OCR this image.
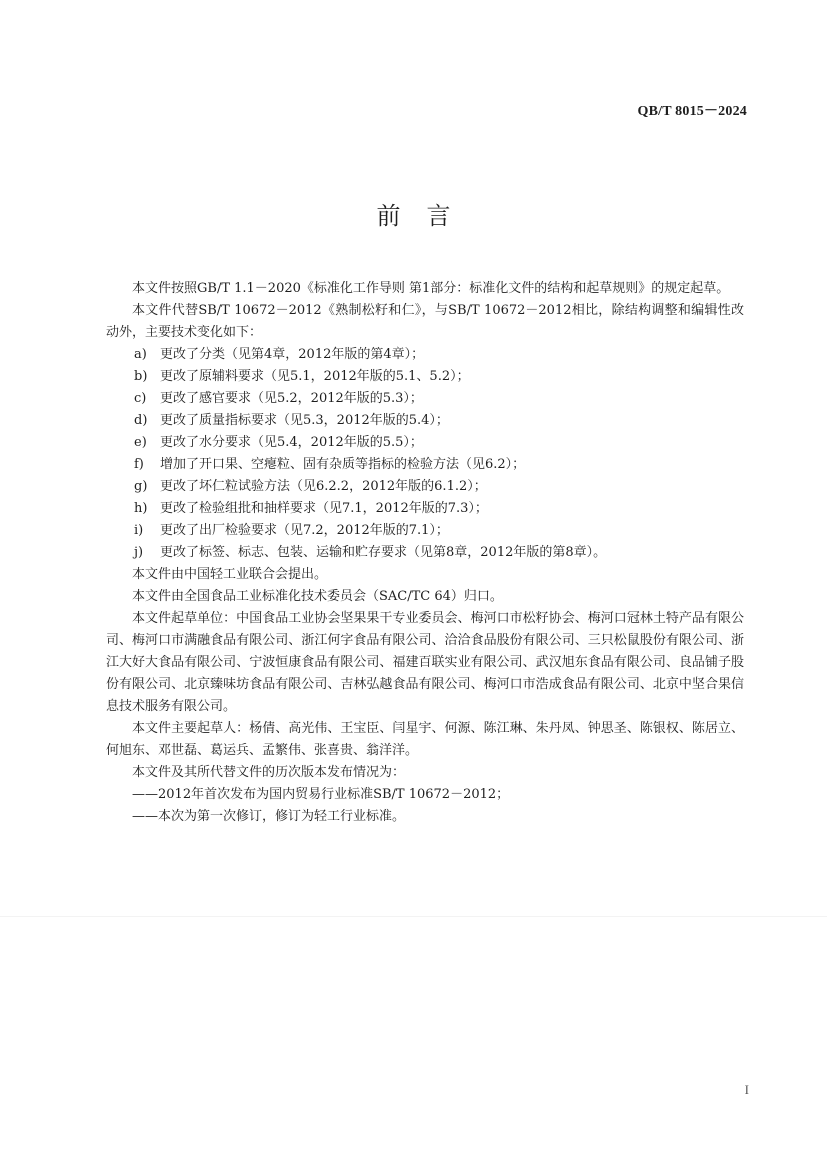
QB/T 8015－2024
前言

本文件按照GB/T 1.1－2020《标准化工作导则 第1部分：标准化文件的结构和起草规则》的规定起草。

本文件代替SB/T 10672－2012《熟制松籽和仁》，与SB/T 10672－2012相比，除结构调整和编辑性改动外，主要技术变化如下：

a)	更改了分类（见第4章，2012年版的第4章）；
b) 更改了原辅料要求（见5.1，2012年版的5.1、5.2）；
c)	更改了感官要求（见5.2，2012年版的5.3）；
d) 更改了质量指标要求（见5.3，2012年版的5.4）；
e)	更改了水分要求（见5.4，2012年版的5.5）；
f)	增加了开口果、空瘪粒、固有杂质等指标的检验方法（见6.2）；
g) 更改了坏仁粒试验方法（见6.2.2，2012年版的6.1.2）；
h) 更改了检验组批和抽样要求（见7.1，2012年版的7.3）；
i)	更改了出厂检验要求（见7.2，2012年版的7.1）；
j)	更改了标签、标志、包装、运输和贮存要求（见第8章，2012年版的第8章）。

本文件由中国轻工业联合会提出。

本文件由全国食品工业标准化技术委员会（SAC/TC 64）归口。

本文件起草单位：中国食品工业协会坚果果干专业委员会、梅河口市松籽协会、梅河口冠林土特产品有限公司、梅河口市满融食品有限公司、浙江何字食品有限公司、洽洽食品股份有限公司、三只松鼠股份有限公司、浙江大好大食品有限公司、宁波恒康食品有限公司、福建百联实业有限公司、武汉旭东食品有限公司、良品铺子股份有限公司、北京臻味坊食品有限公司、吉林弘越食品有限公司、梅河口市浩成食品有限公司、北京中坚合果信息技术服务有限公司。

本文件主要起草人：杨倩、高光伟、王宝臣、闫星宇、何源、陈江琳、朱丹凤、钟思圣、陈银权、陈居立、何旭东、邓世磊、葛运兵、孟繁伟、张喜贵、翁洋洋。

本文件及其所代替文件的历次版本发布情况为：

——2012年首次发布为国内贸易行业标准SB/T 10672－2012；

——本次为第一次修订，修订为轻工行业标准。

I
